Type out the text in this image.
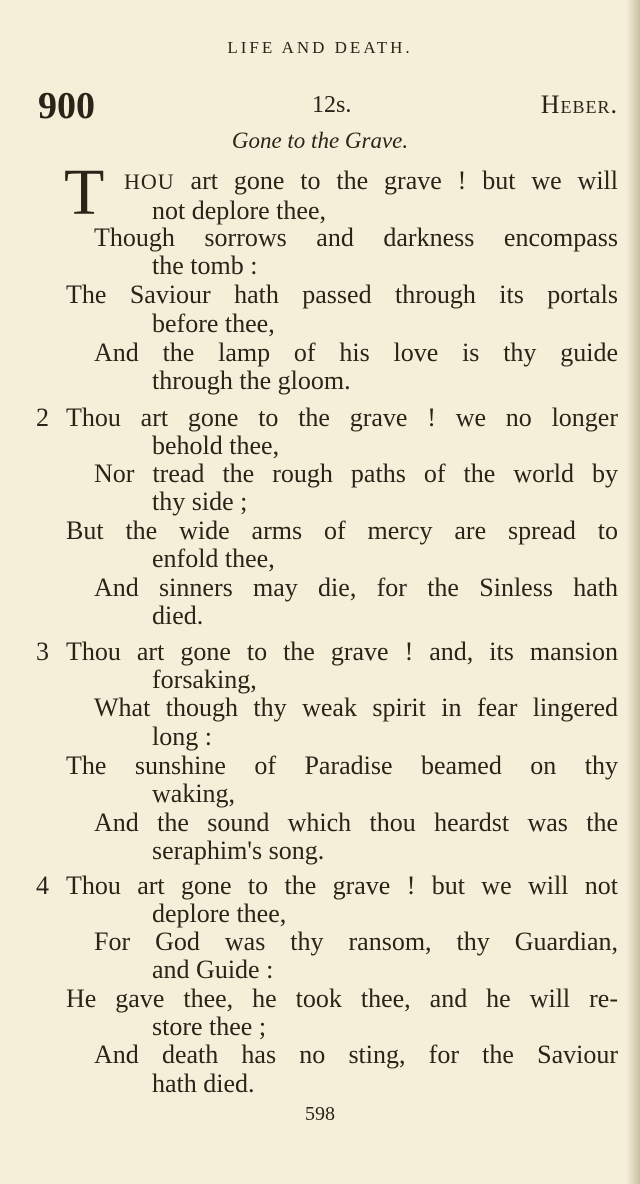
LIFE AND DEATH.
900	12s.	Heber.
Gone to the Grave.
T HOU art gone to the grave ! but we will
not deplore thee,
Though sorrows and darkness encompass
the tomb :
The Saviour hath passed through its portals
before thee,
And the lamp of his love is thy guide
through the gloom.
2 Thou art gone to the grave ! we no longer
behold thee,
Nor tread the rough paths of the world by
thy side ;
But the wide arms of mercy are spread to
enfold thee,
And sinners may die, for the Sinless hath
died.
3 Thou art gone to the grave ! and, its mansion
forsaking,
What though thy weak spirit in fear lingered
long :
The sunshine of Paradise beamed on thy
waking,
And the sound which thou heardst was the
seraphim's song.
4 Thou art gone to the grave ! but we will not
deplore thee,
For God was thy ransom, thy Guardian,
and Guide :
He gave thee, he took thee, and he will re-
store thee ;
And death has no sting, for the Saviour
hath died.
598
